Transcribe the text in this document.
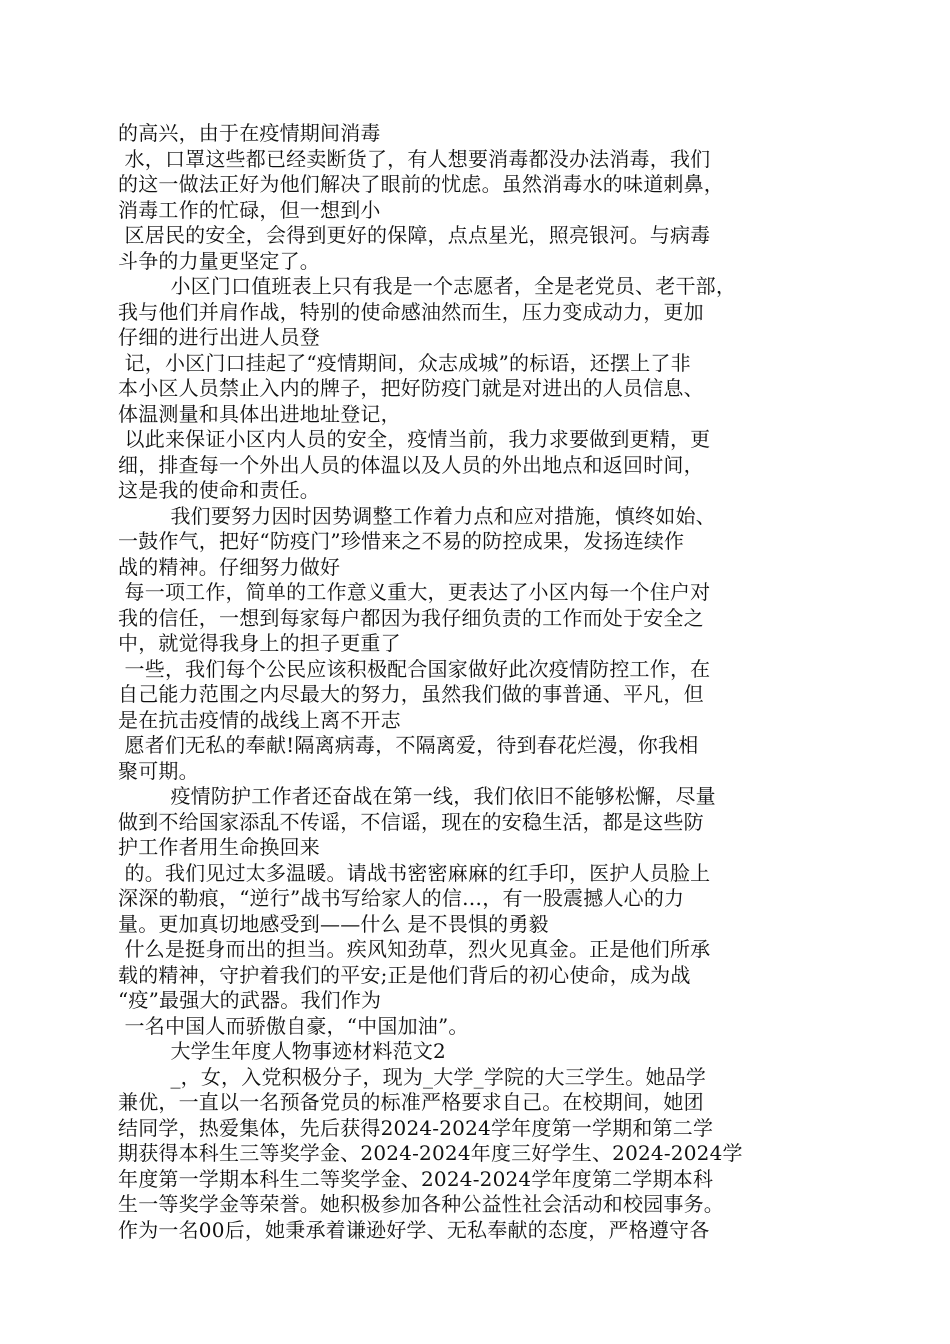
的高兴，由于在疫情期间消毒
水，口罩这些都已经卖断货了，有人想要消毒都没办法消毒，我们
的这一做法正好为他们解决了眼前的忧虑。虽然消毒水的味道刺鼻，
消毒工作的忙碌，但一想到小
区居民的安全，会得到更好的保障，点点星光，照亮银河。与病毒
斗争的力量更坚定了。
小区门口值班表上只有我是一个志愿者，全是老党员、老干部，
我与他们并肩作战，特别的使命感油然而生，压力变成动力，更加
仔细的进行出进人员登
记，小区门口挂起了“疫情期间，众志成城”的标语，还摆上了非
本小区人员禁止入内的牌子，把好防疫门就是对进出的人员信息、
体温测量和具体出进地址登记，
以此来保证小区内人员的安全，疫情当前，我力求要做到更精，更
细，排查每一个外出人员的体温以及人员的外出地点和返回时间，
这是我的使命和责任。
我们要努力因时因势调整工作着力点和应对措施，慎终如始、
一鼓作气，把好“防疫门”珍惜来之不易的防控成果，发扬连续作
战的精神。仔细努力做好
每一项工作，简单的工作意义重大，更表达了小区内每一个住户对
我的信任，一想到每家每户都因为我仔细负责的工作而处于安全之
中，就觉得我身上的担子更重了
一些，我们每个公民应该积极配合国家做好此次疫情防控工作，在
自己能力范围之内尽最大的努力，虽然我们做的事普通、平凡，但
是在抗击疫情的战线上离不开志
愿者们无私的奉献!隔离病毒，不隔离爱，待到春花烂漫，你我相
聚可期。
疫情防护工作者还奋战在第一线，我们依旧不能够松懈，尽量
做到不给国家添乱不传谣，不信谣，现在的安稳生活，都是这些防
护工作者用生命换回来
的。我们见过太多温暖。请战书密密麻麻的红手印，医护人员脸上
深深的勒痕，“逆行”战书写给家人的信…，有一股震撼人心的力
量。更加真切地感受到——什么 是不畏惧的勇毅
什么是挺身而出的担当。疾风知劲草，烈火见真金。正是他们所承
载的精神，守护着我们的平安;正是他们背后的初心使命，成为战
“疫”最强大的武器。我们作为
一名中国人而骄傲自豪，“中国加油”。
大学生年度人物事迹材料范文2
_，女，入党积极分子，现为_大学_学院的大三学生。她品学
兼优，一直以一名预备党员的标准严格要求自己。在校期间，她团
结同学，热爱集体，先后获得2024-2024学年度第一学期和第二学
期获得本科生三等奖学金、2024-2024年度三好学生、2024-2024学
年度第一学期本科生二等奖学金、2024-2024学年度第二学期本科
生一等奖学金等荣誉。她积极参加各种公益性社会活动和校园事务。
作为一名00后，她秉承着谦逊好学、无私奉献的态度，严格遵守各
